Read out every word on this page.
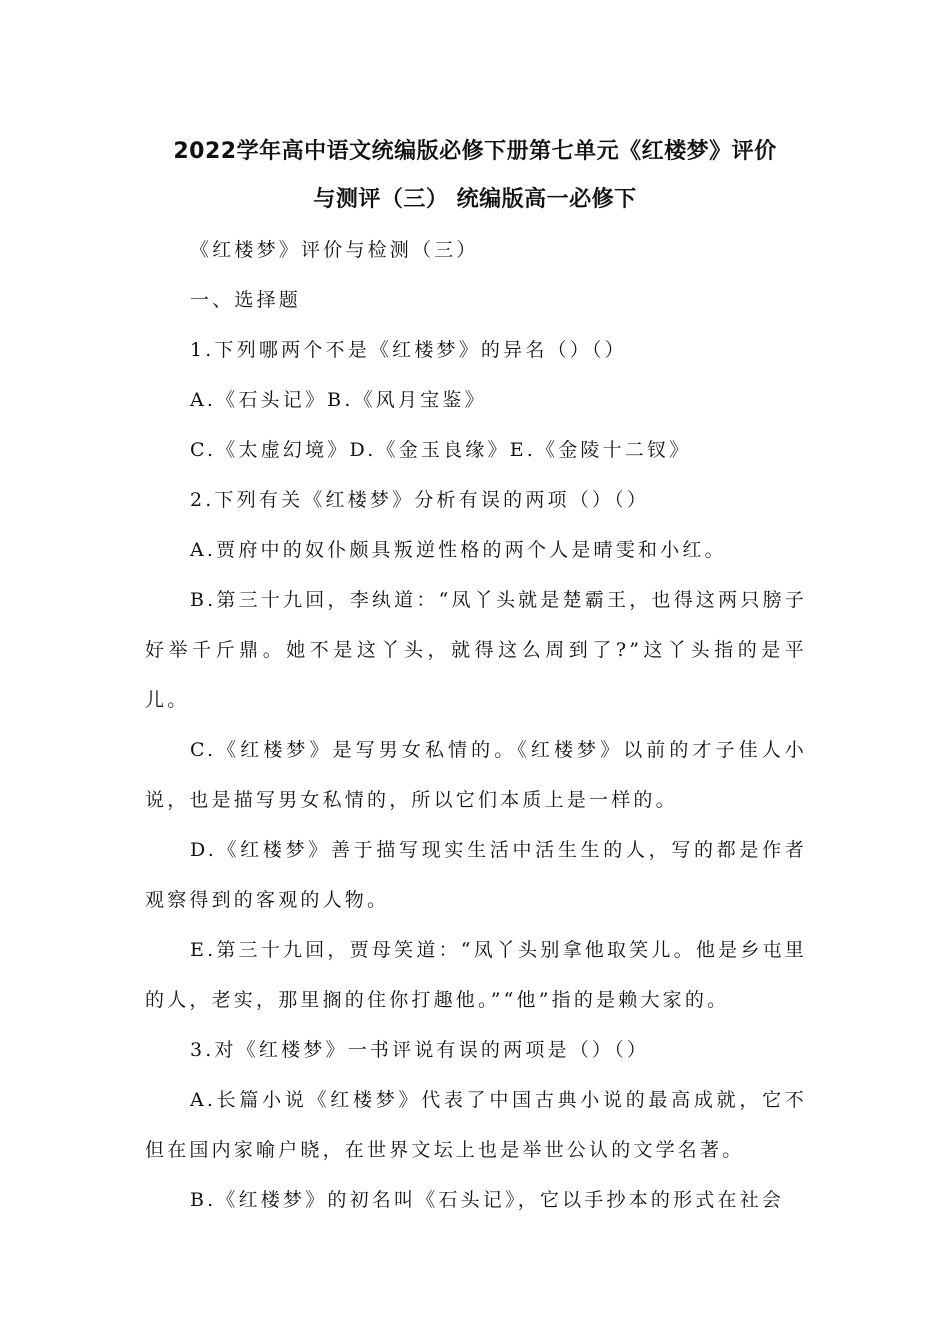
2022学年高中语文统编版必修下册第七单元《红楼梦》评价
与测评（三） 统编版高一必修下

《红楼梦》评价与检测（三）

一、选择题

1.下列哪两个不是《红楼梦》的异名（）（）

A.《石头记》B.《风月宝鉴》

C.《太虚幻境》D.《金玉良缘》E.《金陵十二钗》

2.下列有关《红楼梦》分析有误的两项（）（）

A.贾府中的奴仆颇具叛逆性格的两个人是晴雯和小红。

B.第三十九回，李纨道：“凤丫头就是楚霸王，也得这两只膀子好举千斤鼎。她不是这丫头，就得这么周到了?”这丫头指的是平儿。

C.《红楼梦》是写男女私情的。《红楼梦》以前的才子佳人小说，也是描写男女私情的，所以它们本质上是一样的。

D.《红楼梦》善于描写现实生活中活生生的人，写的都是作者观察得到的客观的人物。

E.第三十九回，贾母笑道：“凤丫头别拿他取笑儿。他是乡屯里的人，老实，那里搁的住你打趣他。”“他”指的是赖大家的。

3.对《红楼梦》一书评说有误的两项是（）（）

A.长篇小说《红楼梦》代表了中国古典小说的最高成就，它不但在国内家喻户晓，在世界文坛上也是举世公认的文学名著。

B.《红楼梦》的初名叫《石头记》，它以手抄本的形式在社会
